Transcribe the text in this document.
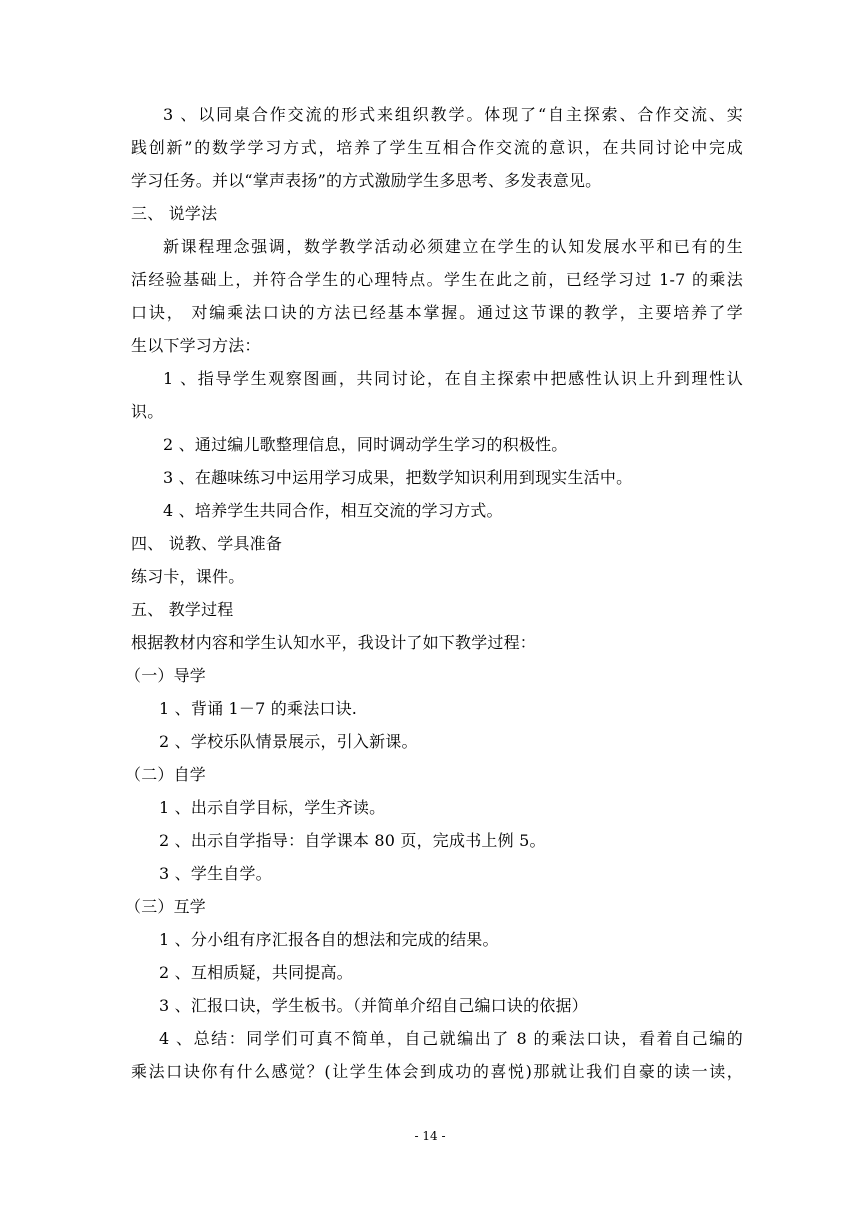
3 、以同桌合作交流的形式来组织教学。体现了“自主探索、合作交流、实
践创新”的数学学习方式，培养了学生互相合作交流的意识，在共同讨论中完成
学习任务。并以“掌声表扬”的方式激励学生多思考、多发表意见。
三、 说学法
新课程理念强调，数学教学活动必须建立在学生的认知发展水平和已有的生
活经验基础上，并符合学生的心理特点。学生在此之前，已经学习过 1-7 的乘法
口诀， 对编乘法口诀的方法已经基本掌握。通过这节课的教学，主要培养了学
生以下学习方法：
1 、指导学生观察图画，共同讨论，在自主探索中把感性认识上升到理性认
识。
2 、通过编儿歌整理信息，同时调动学生学习的积极性。
3 、在趣味练习中运用学习成果，把数学知识利用到现实生活中。
4 、培养学生共同合作，相互交流的学习方式。
四、 说教、学具准备
练习卡，课件。
五、 教学过程
根据教材内容和学生认知水平，我设计了如下教学过程：
（一）导学
1 、背诵 1－7 的乘法口诀.
2 、学校乐队情景展示，引入新课。
（二）自学
1 、出示自学目标，学生齐读。
2 、出示自学指导：自学课本 80 页，完成书上例 5。
3 、学生自学。
（三）互学
1 、分小组有序汇报各自的想法和完成的结果。
2 、互相质疑，共同提高。
3 、汇报口诀，学生板书。（并简单介绍自己编口诀的依据）
4 、总结：同学们可真不简单，自己就编出了 8 的乘法口诀，看着自己编的
乘法口诀你有什么感觉？(让学生体会到成功的喜悦)那就让我们自豪的读一读，
- 14 -
